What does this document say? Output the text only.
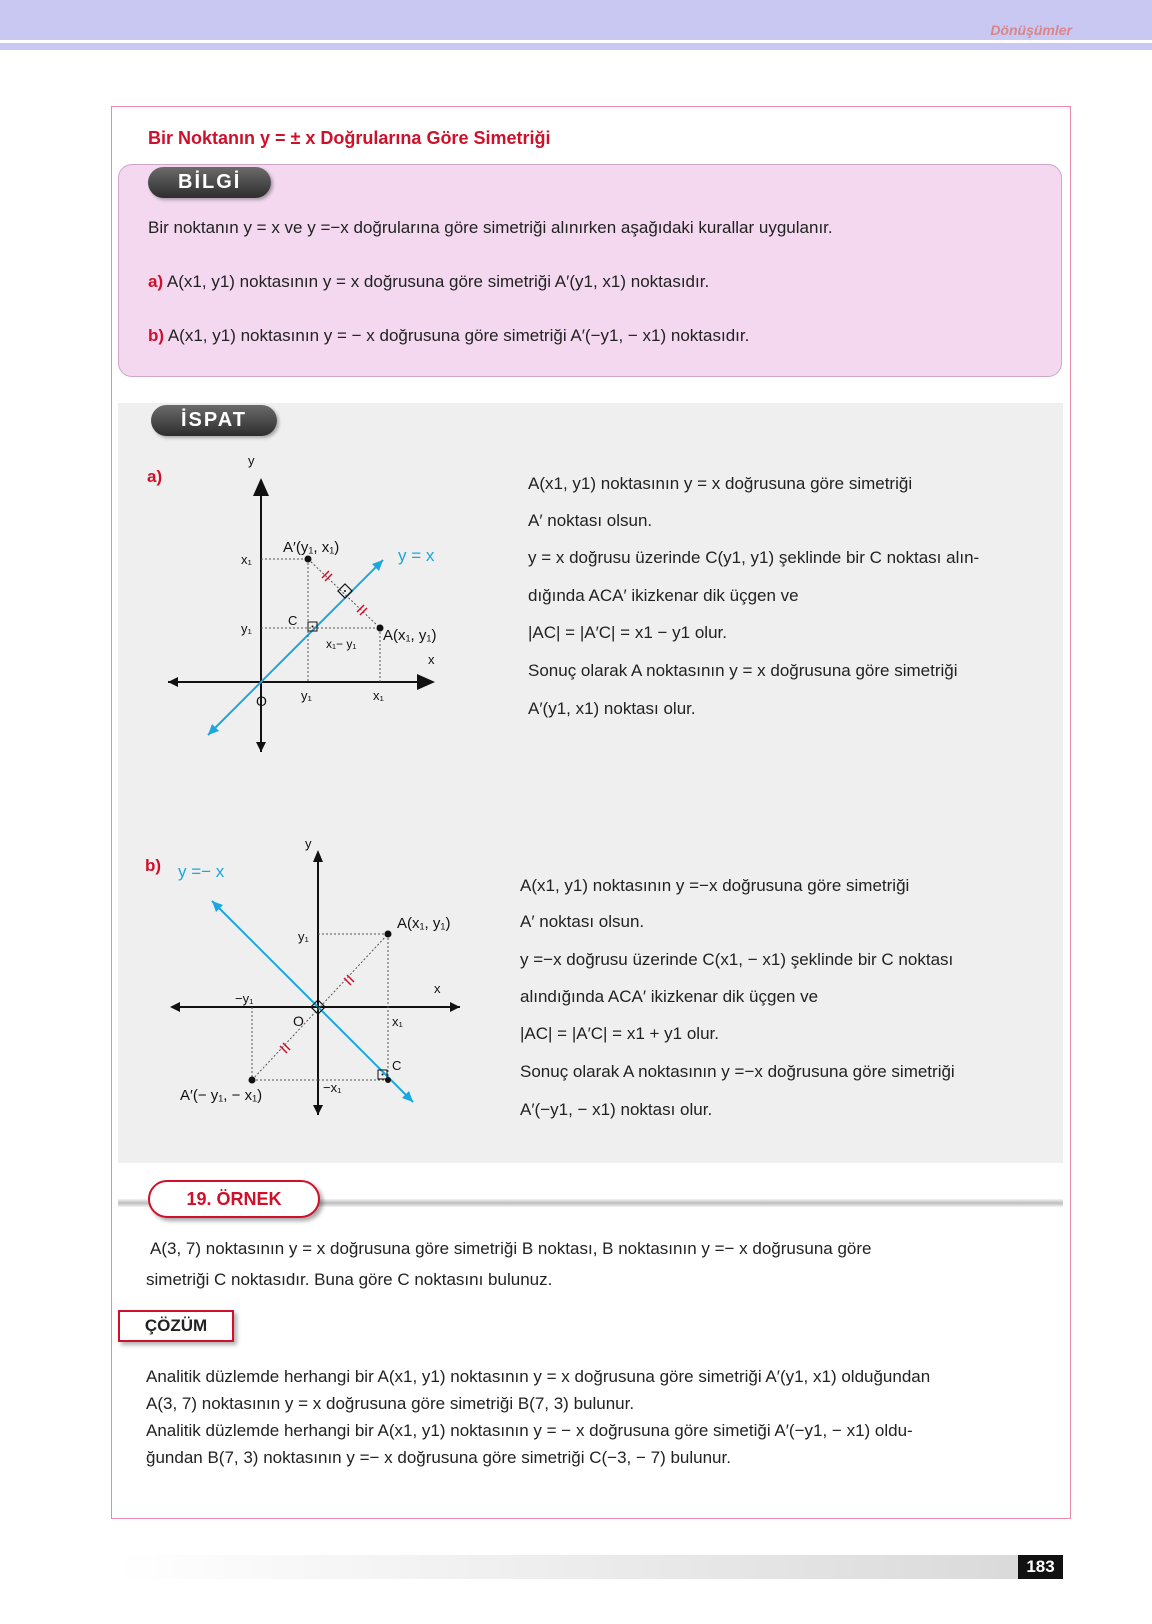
Dönüşümler
Bir Noktanın y = ± x Doğrularına Göre Simetriği
BİLGİ
Bir noktanın y = x ve y =−x doğrularına göre simetriği alınırken aşağıdaki kurallar uygulanır.
a) A(x1, y1) noktasının y = x doğrusuna göre simetriği A′(y1, x1) noktasıdır.
b) A(x1, y1) noktasının y = − x doğrusuna göre simetriği A′(−y1, − x1) noktasıdır.
İSPAT
a)
y
x
O
y = x
A′(y₁, x₁)
A(x₁, y₁)
C
x₁
y₁
y₁	x₁
x₁− y₁
A(x1, y1) noktasının y = x doğrusuna göre simetriği
A′ noktası olsun.
y = x doğrusu üzerinde C(y1, y1) şeklinde bir C noktası alın-
dığında ACA′ ikizkenar dik üçgen ve
|AC| = |A′C| = x1 − y1 olur.
Sonuç olarak A noktasının y = x doğrusuna göre simetriği
A′(y1, x1) noktası olur.
b)
y
x
O
y =− x
A(x₁, y₁)
A′(− y₁, − x₁)
C
y₁
−y₁
x₁
−x₁
A(x1, y1) noktasının y =−x doğrusuna göre simetriği
A′ noktası olsun.
y =−x doğrusu üzerinde C(x1, − x1) şeklinde bir C noktası
alındığında ACA′ ikizkenar dik üçgen ve
|AC| = |A′C| = x1 + y1 olur.
Sonuç olarak A noktasının y =−x doğrusuna göre simetriği
A′(−y1, − x1) noktası olur.
19. ÖRNEK
A(3, 7) noktasının y = x doğrusuna göre simetriği B noktası, B noktasının y =− x doğrusuna göre
simetriği C noktasıdır. Buna göre C noktasını bulunuz.
ÇÖZÜM
Analitik düzlemde herhangi bir A(x1, y1) noktasının y = x doğrusuna göre simetriği A′(y1, x1) olduğundan
A(3, 7) noktasının y = x doğrusuna göre simetriği B(7, 3) bulunur.
Analitik düzlemde herhangi bir A(x1, y1) noktasının y = − x doğrusuna göre simetiği A′(−y1, − x1) oldu-
ğundan B(7, 3) noktasının y =− x doğrusuna göre simetriği C(−3, − 7) bulunur.
183
